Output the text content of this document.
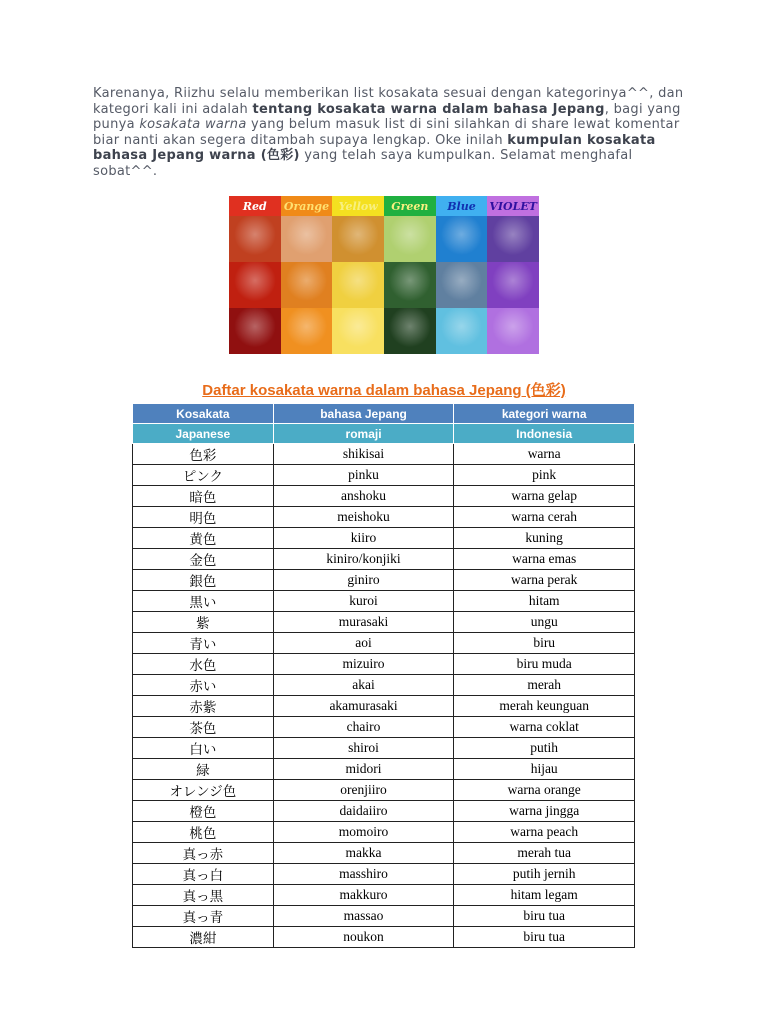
Karenanya, Riizhu selalu memberikan list kosakata sesuai dengan kategorinya^^, dan kategori kali ini adalah tentang kosakata warna dalam bahasa Jepang, bagi yang punya kosakata warna yang belum masuk list di sini silahkan di share lewat komentar biar nanti akan segera ditambah supaya lengkap. Oke inilah kumpulan kosakata bahasa Jepang warna (色彩) yang telah saya kumpulkan. Selamat menghafal sobat^^.
Red	Orange Yellow	Green	Blue	VIOLET
Daftar kosakata warna dalam bahasa Jepang (色彩)
Kosakata	bahasa Jepang	kategori warna
Japanese	romaji	Indonesia
色彩	shikisai	warna
ピンク	pinku	pink
暗色	anshoku	warna gelap
明色	meishoku	warna cerah
黄色	kiiro	kuning
金色	kiniro/konjiki	warna emas
銀色	giniro	warna perak
黒い	kuroi	hitam
紫	murasaki	ungu
青い	aoi	biru
水色	mizuiro	biru muda
赤い	akai	merah
赤紫	akamurasaki	merah keunguan
茶色	chairo	warna coklat
白い	shiroi	putih
緑	midori	hijau
オレンジ色	orenjiiro	warna orange
橙色	daidaiiro	warna jingga
桃色	momoiro	warna peach
真っ赤	makka	merah tua
真っ白	masshiro	putih jernih
真っ黒	makkuro	hitam legam
真っ青	massao	biru tua
濃紺	noukon	biru tua
